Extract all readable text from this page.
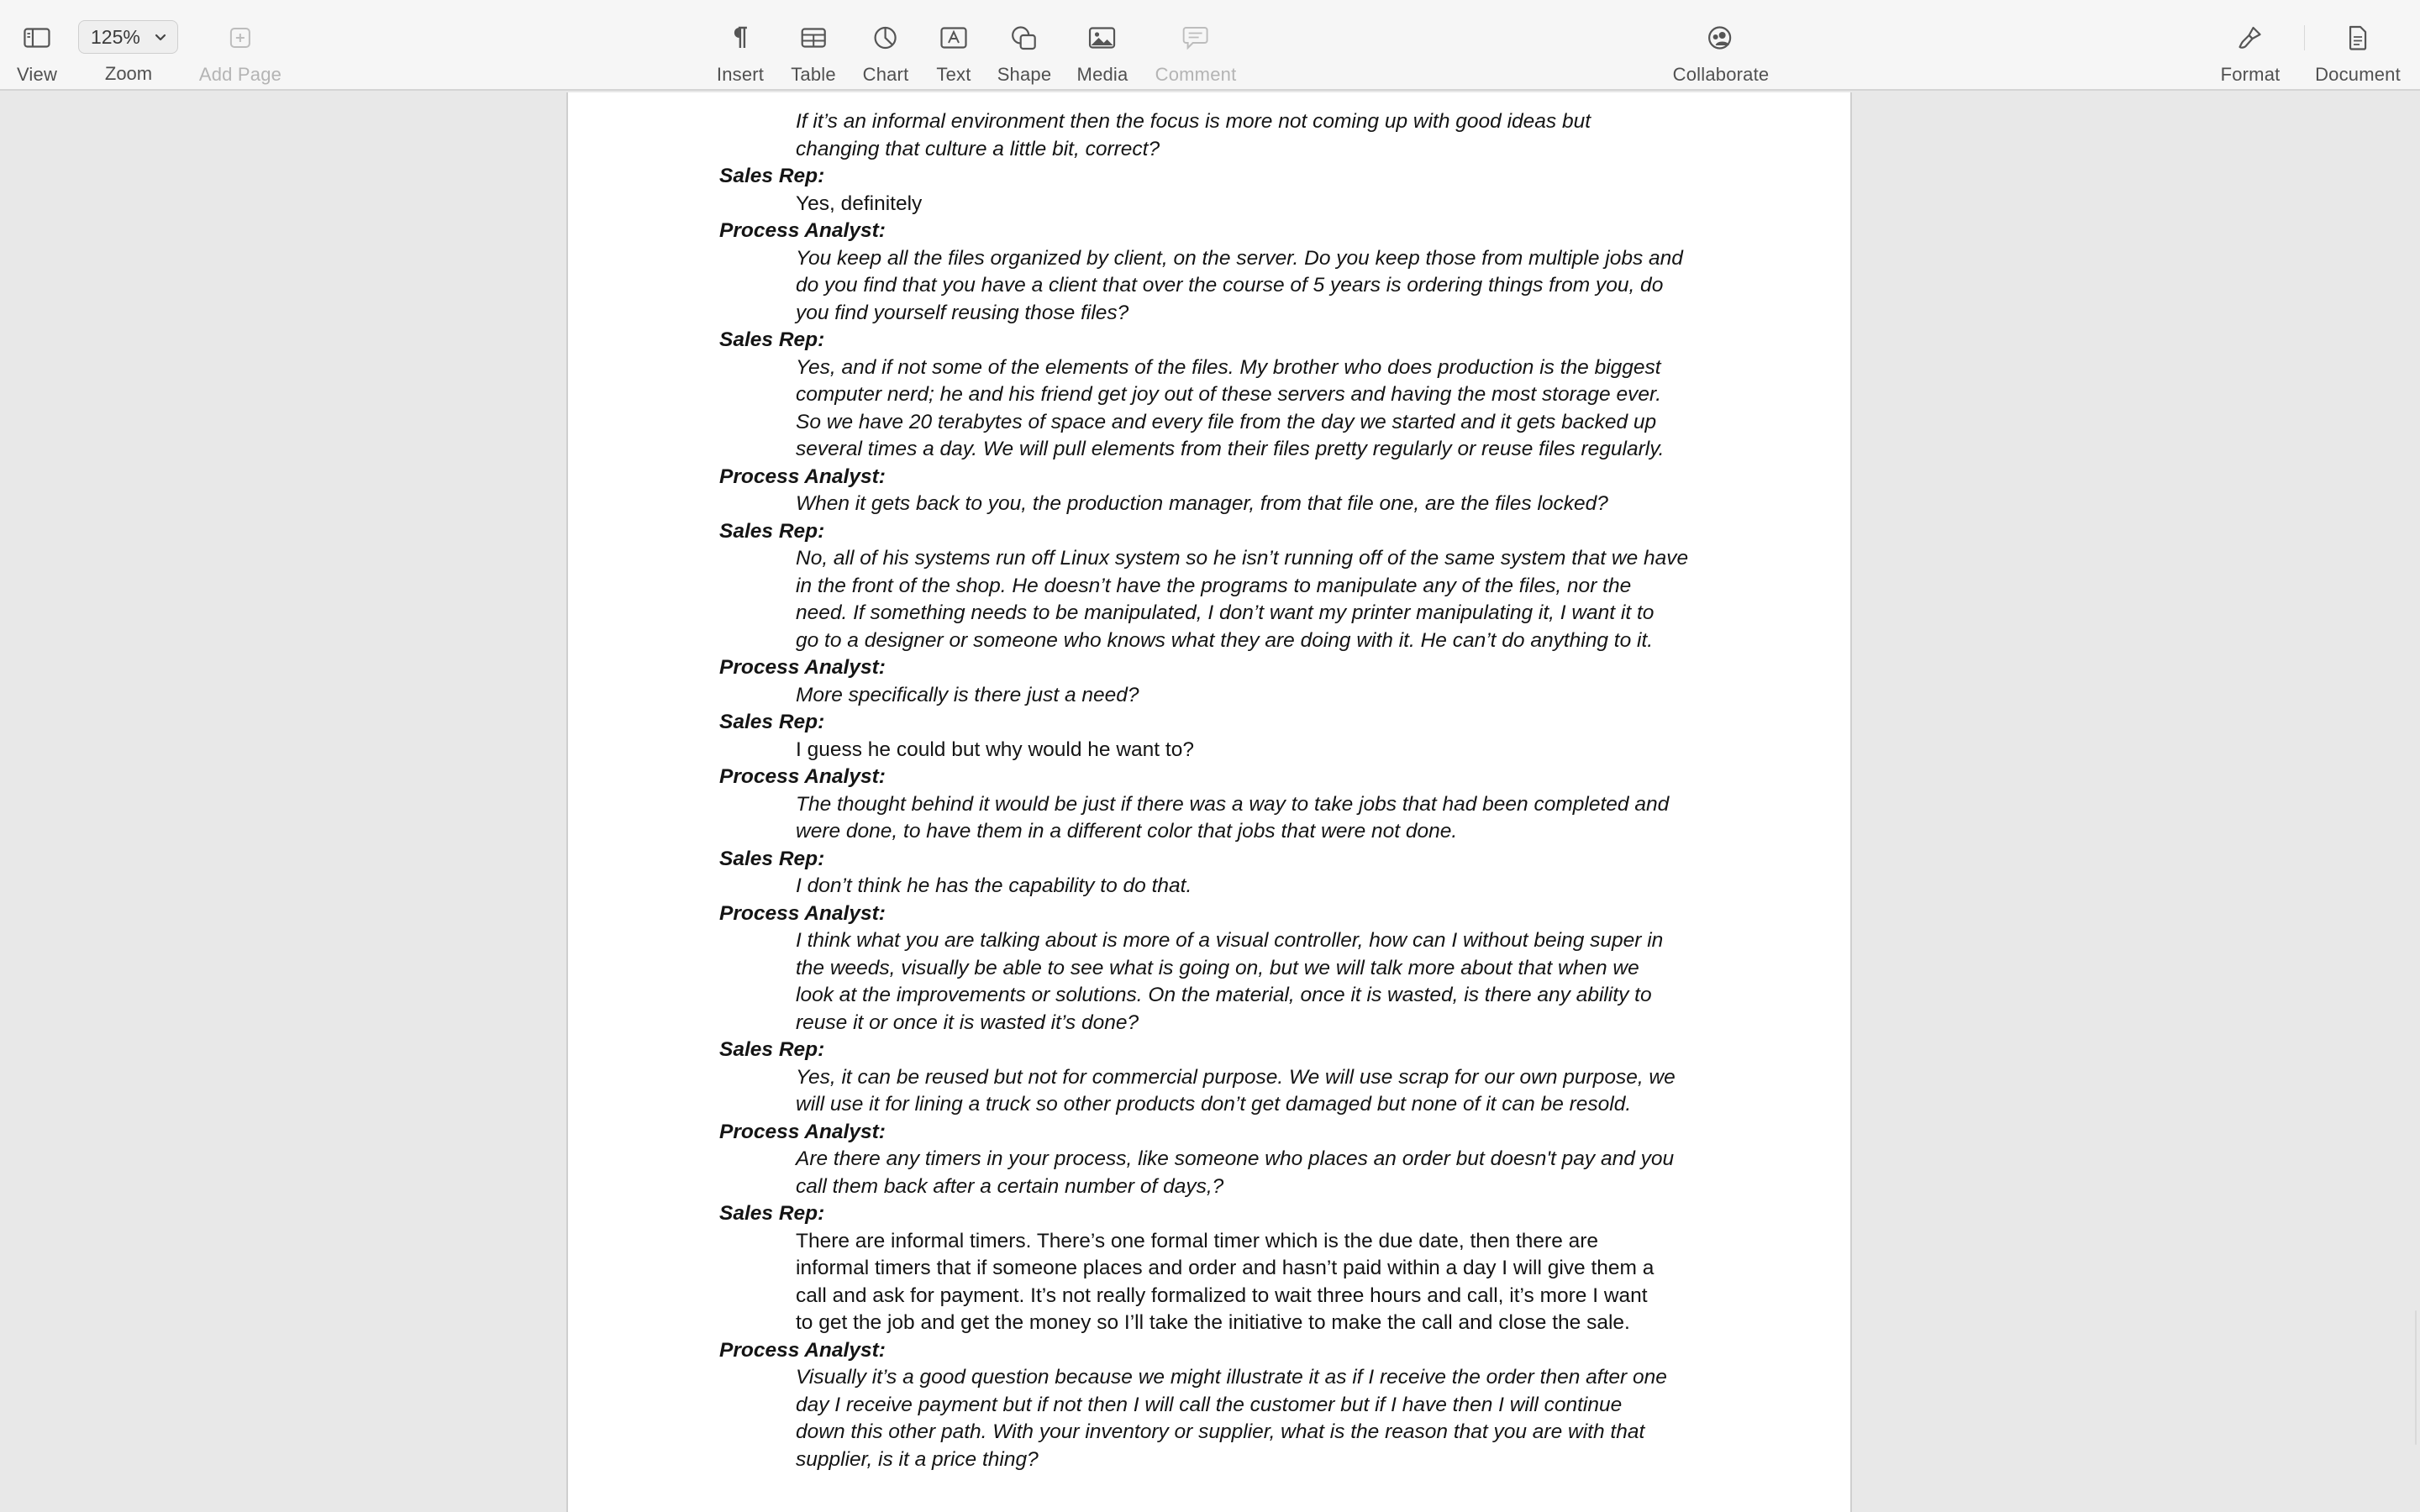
View
125%
Zoom	Add Page	Insert Table Chart Text Shape Media Comment	Collaborate	Format Document
If it’s an informal environment then the focus is more not coming up with good ideas but
changing that culture a little bit, correct?
Sales Rep:
Yes, definitely
Process Analyst:
You keep all the files organized by client, on the server. Do you keep those from multiple jobs and
do you find that you have a client that over the course of 5 years is ordering things from you, do
you find yourself reusing those files?
Sales Rep:
Yes, and if not some of the elements of the files. My brother who does production is the biggest
computer nerd; he and his friend get joy out of these servers and having the most storage ever.
So we have 20 terabytes of space and every file from the day we started and it gets backed up
several times a day. We will pull elements from their files pretty regularly or reuse files regularly.
Process Analyst:
When it gets back to you, the production manager, from that file one, are the files locked?
Sales Rep:
No, all of his systems run off Linux system so he isn’t running off of the same system that we have
in the front of the shop. He doesn’t have the programs to manipulate any of the files, nor the
need. If something needs to be manipulated, I don’t want my printer manipulating it, I want it to
go to a designer or someone who knows what they are doing with it. He can’t do anything to it.
Process Analyst:
More specifically is there just a need?
Sales Rep:
I guess he could but why would he want to?
Process Analyst:
The thought behind it would be just if there was a way to take jobs that had been completed and
were done, to have them in a different color that jobs that were not done.
Sales Rep:
I don’t think he has the capability to do that.
Process Analyst:
I think what you are talking about is more of a visual controller, how can I without being super in
the weeds, visually be able to see what is going on, but we will talk more about that when we
look at the improvements or solutions. On the material, once it is wasted, is there any ability to
reuse it or once it is wasted it’s done?
Sales Rep:
Yes, it can be reused but not for commercial purpose. We will use scrap for our own purpose, we
will use it for lining a truck so other products don’t get damaged but none of it can be resold.
Process Analyst:
Are there any timers in your process, like someone who places an order but doesn't pay and you
call them back after a certain number of days,?
Sales Rep:
There are informal timers. There’s one formal timer which is the due date, then there are
informal timers that if someone places and order and hasn’t paid within a day I will give them a
call and ask for payment. It’s not really formalized to wait three hours and call, it’s more I want
to get the job and get the money so I’ll take the initiative to make the call and close the sale.
Process Analyst:
Visually it’s a good question because we might illustrate it as if I receive the order then after one
day I receive payment but if not then I will call the customer but if I have then I will continue
down this other path. With your inventory or supplier, what is the reason that you are with that
supplier, is it a price thing?
